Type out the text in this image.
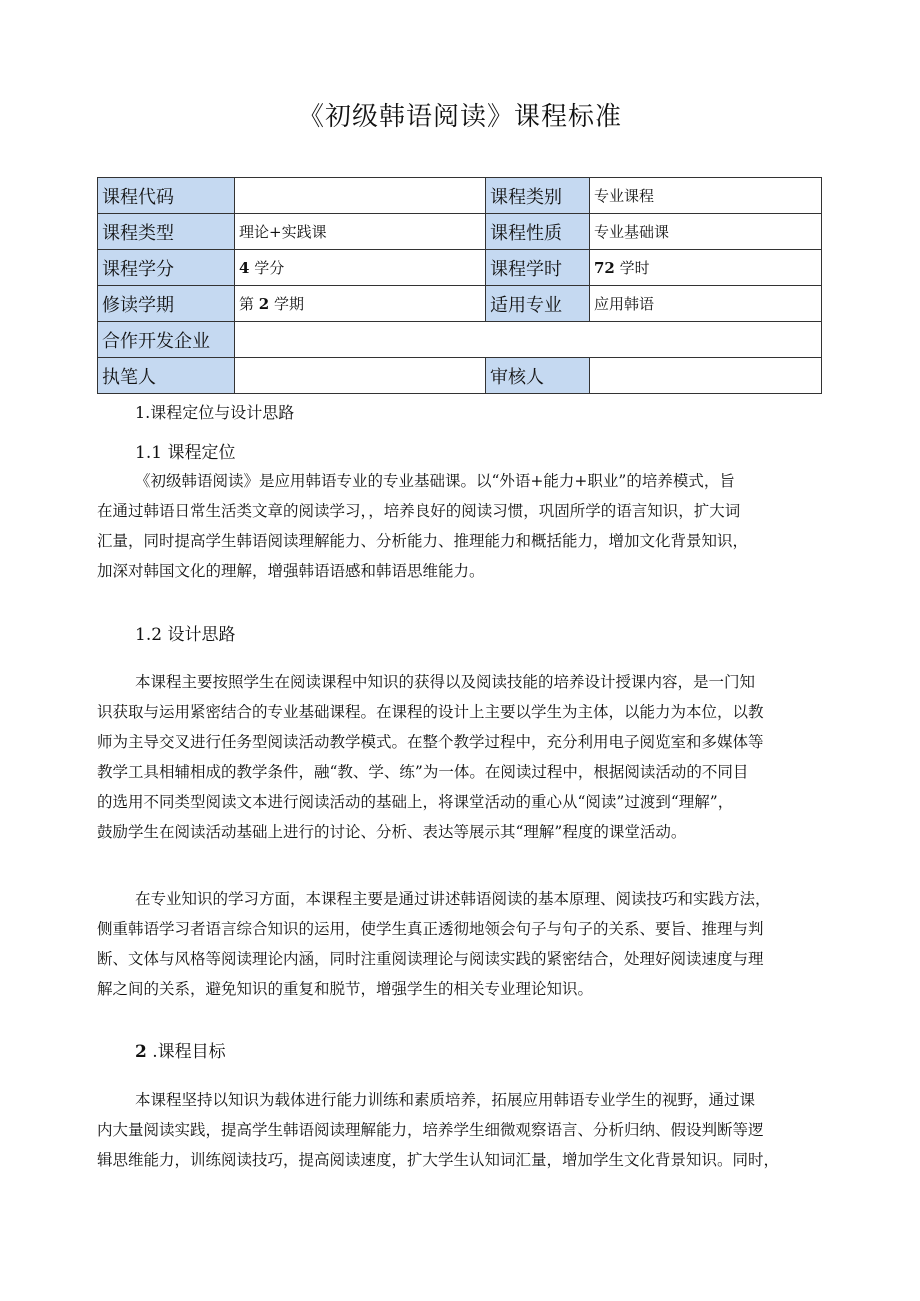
《初级韩语阅读》课程标准
课程代码		课程类别	专业课程
课程类型	理论+实践课	课程性质	专业基础课
课程学分	4 学分	课程学时	72 学时
修读学期	第 2 学期	适用专业	应用韩语
合作开发企业			
执笔人		审核人	
1.课程定位与设计思路
1.1 课程定位
《初级韩语阅读》是应用韩语专业的专业基础课。以“外语+能力+职业”的培养模式，旨
在通过韩语日常生活类文章的阅读学习，，培养良好的阅读习惯，巩固所学的语言知识，扩大词
汇量，同时提高学生韩语阅读理解能力、分析能力、推理能力和概括能力，增加文化背景知识，
加深对韩国文化的理解，增强韩语语感和韩语思维能力。
1.2 设计思路
本课程主要按照学生在阅读课程中知识的获得以及阅读技能的培养设计授课内容，是一门知
识获取与运用紧密结合的专业基础课程。在课程的设计上主要以学生为主体，以能力为本位，以教
师为主导交叉进行任务型阅读活动教学模式。在整个教学过程中，充分利用电子阅览室和多媒体等
教学工具相辅相成的教学条件，融“教、学、练”为一体。在阅读过程中，根据阅读活动的不同目
的选用不同类型阅读文本进行阅读活动的基础上，将课堂活动的重心从“阅读”过渡到“理解”，
鼓励学生在阅读活动基础上进行的讨论、分析、表达等展示其“理解”程度的课堂活动。
在专业知识的学习方面，本课程主要是通过讲述韩语阅读的基本原理、阅读技巧和实践方法，
侧重韩语学习者语言综合知识的运用，使学生真正透彻地领会句子与句子的关系、要旨、推理与判
断、文体与风格等阅读理论内涵，同时注重阅读理论与阅读实践的紧密结合，处理好阅读速度与理
解之间的关系，避免知识的重复和脱节，增强学生的相关专业理论知识。
2 .课程目标
本课程坚持以知识为载体进行能力训练和素质培养，拓展应用韩语专业学生的视野，通过课
内大量阅读实践，提高学生韩语阅读理解能力，培养学生细微观察语言、分析归纳、假设判断等逻
辑思维能力，训练阅读技巧，提高阅读速度，扩大学生认知词汇量，增加学生文化背景知识。同时，
